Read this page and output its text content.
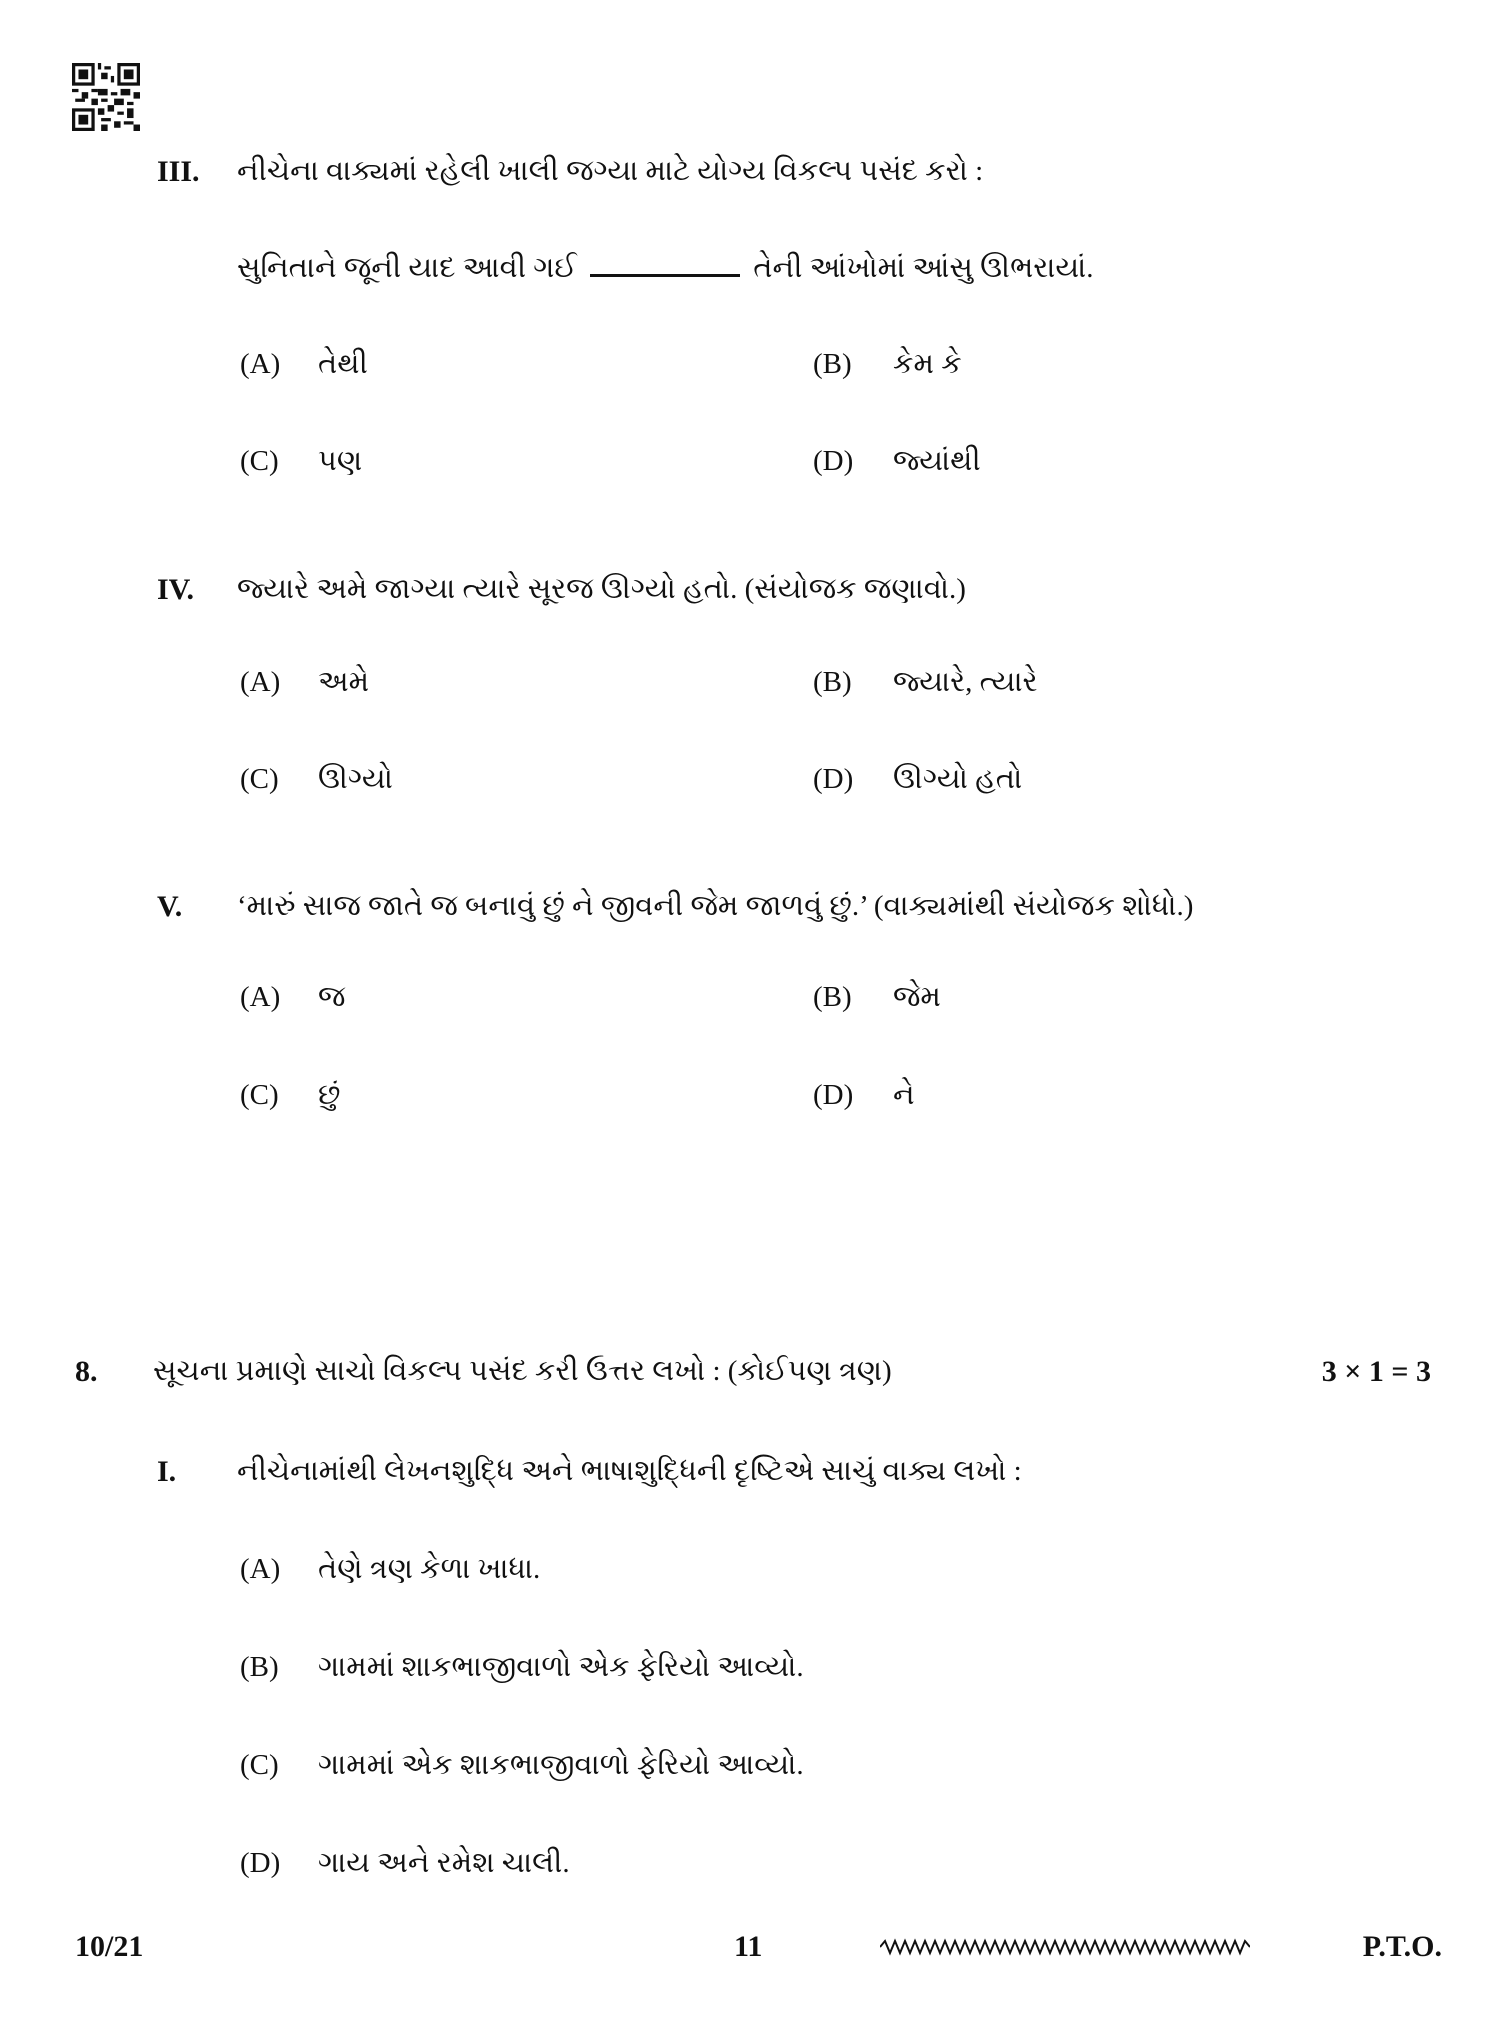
III. નીચેના વાક્યમાં રહેલી ખાલી જગ્યા માટે યોગ્ય વિકલ્પ પસંદ કરો :
સુનિતાને જૂની યાદ આવી ગઈ	તેની આંખોમાં આંસુ ઊભરાયાં.
(A) તેથી	(B) કેમ કે
(C) પણ	(D) જ્યાંથી
IV. જ્યારે અમે જાગ્યા ત્યારે સૂરજ ઊગ્યો હતો. (સંયોજક જણાવો.)
(A) અમે	(B) જ્યારે, ત્યારે
(C) ઊગ્યો	(D) ઊગ્યો હતો
V. ‘મારું સાજ જાતે જ બનાવું છું ને જીવની જેમ જાળવું છું.’ (વાક્યમાંથી સંયોજક શોધો.)
(A) જ	(B) જેમ
(C) છું	(D) ને
8. સૂચના પ્રમાણે સાચો વિકલ્પ પસંદ કરી ઉત્તર લખો : (કોઈપણ ત્રણ)	3 × 1 = 3
I. નીચેનામાંથી લેખનશુદ્ધિ અને ભાષાશુદ્ધિની દૃષ્ટિએ સાચું વાક્ય લખો :
(A) તેણે ત્રણ કેળા ખાધા.
(B) ગામમાં શાકભાજીવાળો એક ફેરિયો આવ્યો.
(C) ગામમાં એક શાકભાજીવાળો ફેરિયો આવ્યો.
(D) ગાય અને રમેશ ચાલી.
10/21	11	P.T.O.
